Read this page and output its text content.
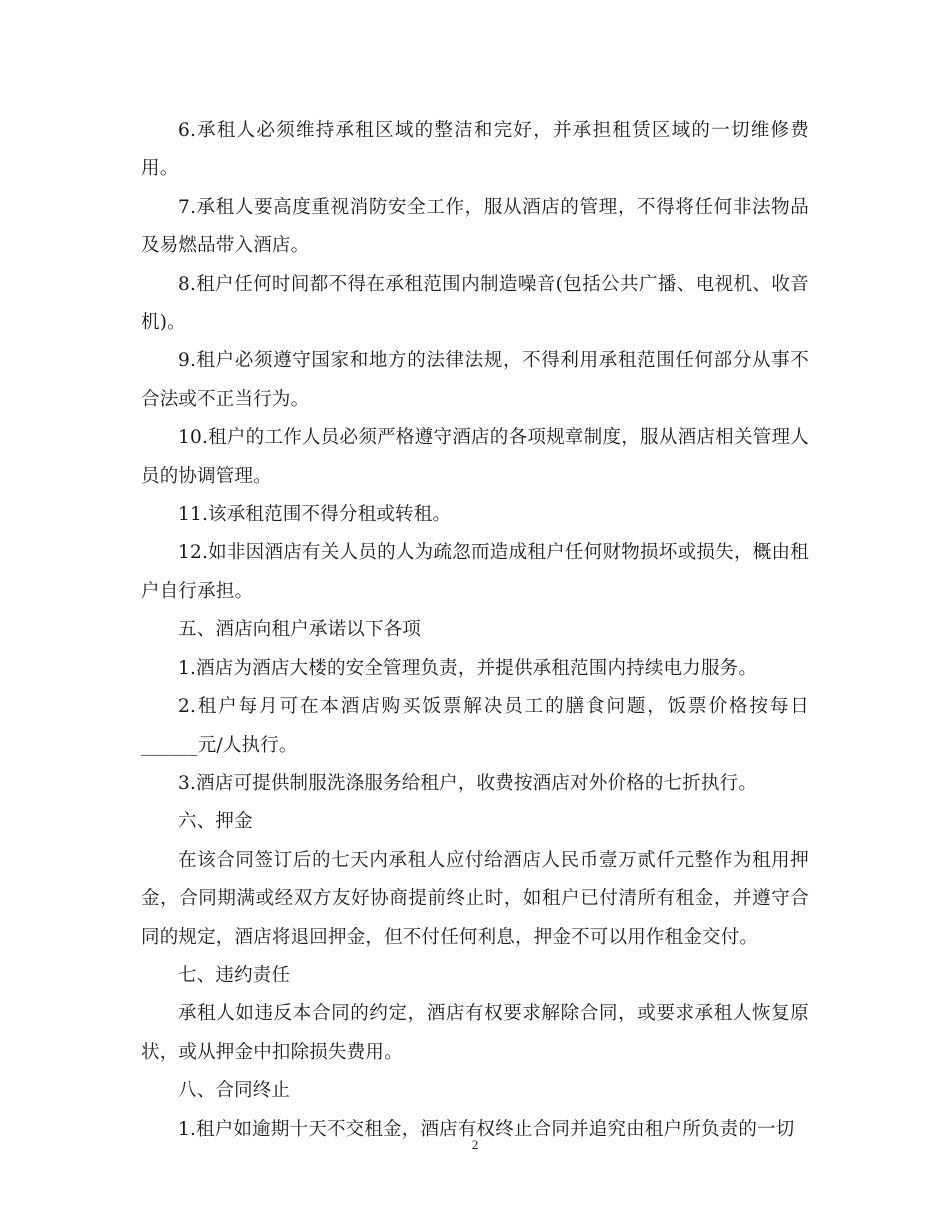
6.承租人必须维持承租区域的整洁和完好，并承担租赁区域的一切维修费用。

7.承租人要高度重视消防安全工作，服从酒店的管理，不得将任何非法物品及易燃品带入酒店。

8.租户任何时间都不得在承租范围内制造噪音(包括公共广播、电视机、收音机)。

9.租户必须遵守国家和地方的法律法规，不得利用承租范围任何部分从事不合法或不正当行为。

10.租户的工作人员必须严格遵守酒店的各项规章制度，服从酒店相关管理人员的协调管理。

11.该承租范围不得分租或转租。

12.如非因酒店有关人员的人为疏忽而造成租户任何财物损坏或损失，概由租户自行承担。

五、酒店向租户承诺以下各项

1.酒店为酒店大楼的安全管理负责，并提供承租范围内持续电力服务。

2.租户每月可在本酒店购买饭票解决员工的膳食问题，饭票价格按每日______元/人执行。

3.酒店可提供制服洗涤服务给租户，收费按酒店对外价格的七折执行。

六、押金

在该合同签订后的七天内承租人应付给酒店人民币壹万贰仟元整作为租用押金，合同期满或经双方友好协商提前终止时，如租户已付清所有租金，并遵守合同的规定，酒店将退回押金，但不付任何利息，押金不可以用作租金交付。

七、违约责任

承租人如违反本合同的约定，酒店有权要求解除合同，或要求承租人恢复原状，或从押金中扣除损失费用。

八、合同终止

1.租户如逾期十天不交租金，酒店有权终止合同并追究由租户所负责的一切

2
